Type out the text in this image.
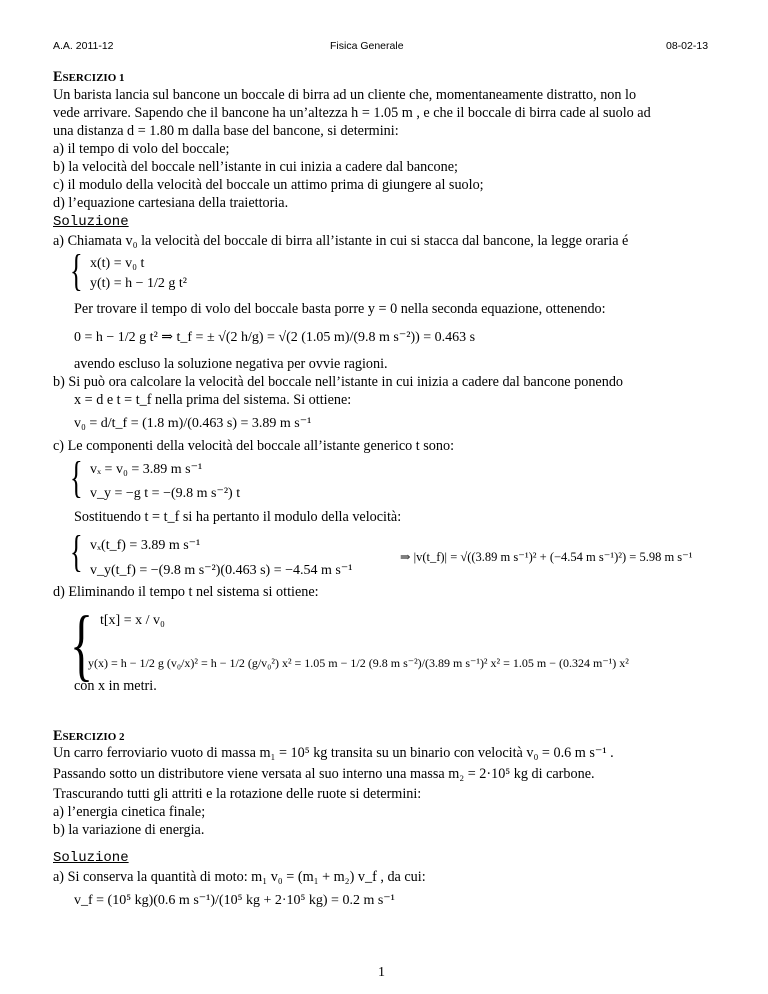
A.A. 2011-12	Fisica Generale	08-02-13
ESERCIZIO 1
Un barista lancia sul bancone un boccale di birra ad un cliente che, momentaneamente distratto, non lo
vede arrivare. Sapendo che il bancone ha un’altezza h = 1.05 m , e che il boccale di birra cade al suolo ad
una distanza d = 1.80 m dalla base del bancone, si determini:
a) il tempo di volo del boccale;
b) la velocità del boccale nell’istante in cui inizia a cadere dal bancone;
c) il modulo della velocità del boccale un attimo prima di giungere al suolo;
d) l’equazione cartesiana della traiettoria.
Soluzione
a) Chiamata v₀ la velocità del boccale di birra all’istante in cui si stacca dal bancone, la legge oraria é
{ x(t) = v₀ t
y(t) = h − 1/2 g t²
Per trovare il tempo di volo del boccale basta porre y = 0 nella seconda equazione, ottenendo:
0 = h − 1/2 g t² ⇒ t_f = ± √(2 h/g) = √(2 (1.05 m)/(9.8 m s⁻²)) = 0.463 s
avendo escluso la soluzione negativa per ovvie ragioni.
b) Si può ora calcolare la velocità del boccale nell’istante in cui inizia a cadere dal bancone ponendo
x = d e t = t_f nella prima del sistema. Si ottiene:
v₀ = d/t_f = (1.8 m)/(0.463 s) = 3.89 m s⁻¹
c) Le componenti della velocità del boccale all’istante generico t sono:
{ vₓ = v₀ = 3.89 m s⁻¹
v_y = −g t = −(9.8 m s⁻²) t
Sostituendo t = t_f si ha pertanto il modulo della velocità:
{ vₓ(t_f) = 3.89 m s⁻¹
v_y(t_f) = −(9.8 m s⁻²)(0.463 s) = −4.54 m s⁻¹
⇒ |v(t_f)| = √((3.89 m s⁻¹)² + (−4.54 m s⁻¹)²) = 5.98 m s⁻¹
d) Eliminando il tempo t nel sistema si ottiene:
{ t[x] = x / v₀
y(x) = h − 1/2 g (v₀/x)² = h − 1/2 (g/v₀²) x² = 1.05 m − 1/2 (9.8 m s⁻²)/(3.89 m s⁻¹)² x² = 1.05 m − (0.324 m⁻¹) x²
con x in metri.
ESERCIZIO 2
Un carro ferroviario vuoto di massa m₁ = 10⁵ kg transita su un binario con velocità v₀ = 0.6 m s⁻¹ .
Passando sotto un distributore viene versata al suo interno una massa m₂ = 2·10⁵ kg di carbone.
Trascurando tutti gli attriti e la rotazione delle ruote si determini:
a) l’energia cinetica finale;
b) la variazione di energia.
Soluzione
a) Si conserva la quantità di moto: m₁ v₀ = (m₁ + m₂) v_f , da cui:
v_f = (10⁵ kg)(0.6 m s⁻¹)/(10⁵ kg + 2·10⁵ kg) = 0.2 m s⁻¹
1
